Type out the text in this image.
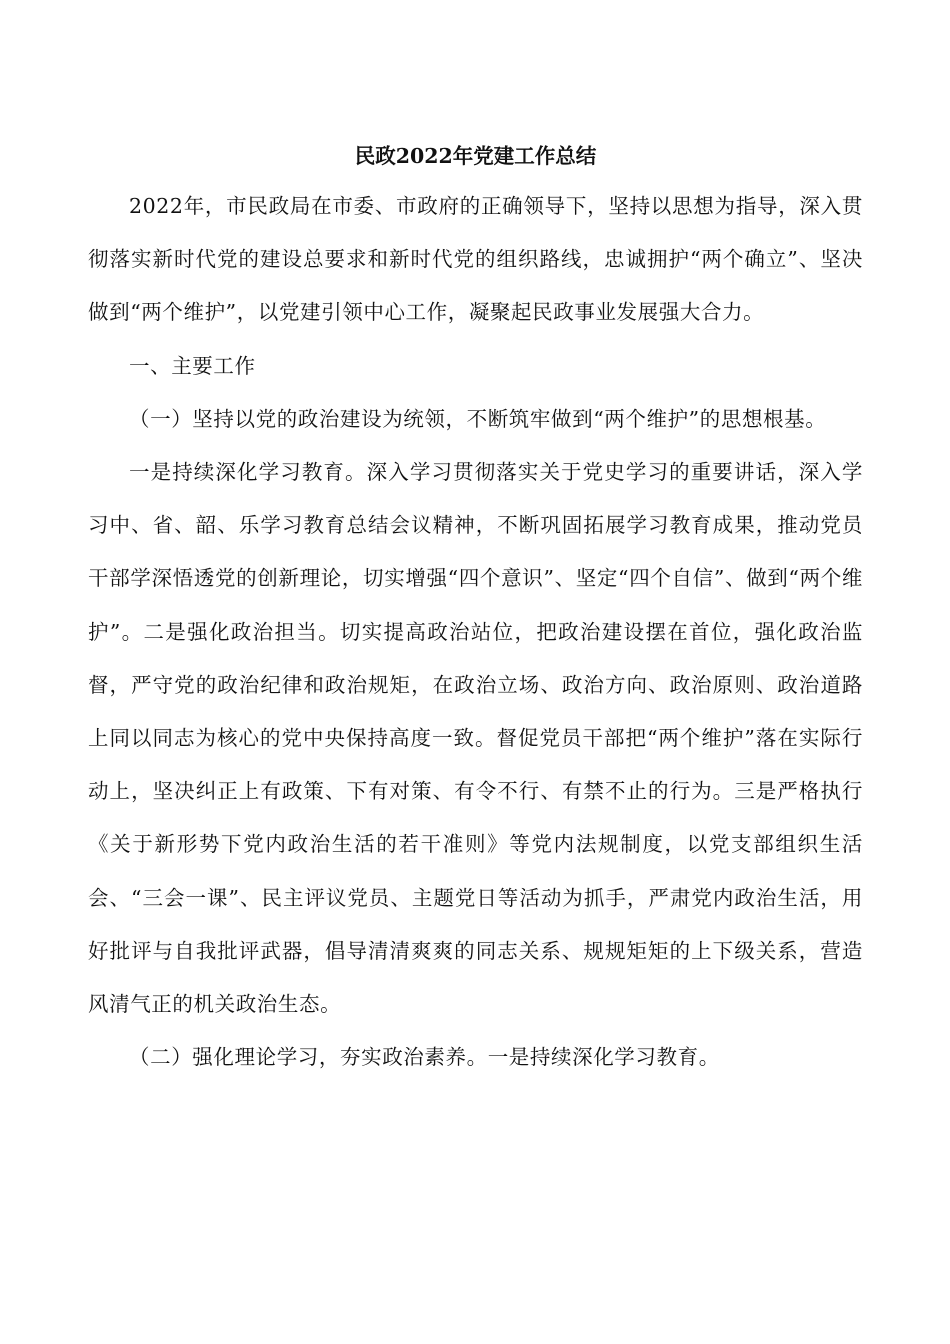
民政2022年党建工作总结

2022年，市民政局在市委、市政府的正确领导下，坚持以思想为指导，深入贯彻落实新时代党的建设总要求和新时代党的组织路线，忠诚拥护“两个确立”、坚决做到“两个维护”，以党建引领中心工作，凝聚起民政事业发展强大合力。

一、主要工作

（一）坚持以党的政治建设为统领，不断筑牢做到“两个维护”的思想根基。

一是持续深化学习教育。深入学习贯彻落实关于党史学习的重要讲话，深入学习中、省、韶、乐学习教育总结会议精神，不断巩固拓展学习教育成果，推动党员干部学深悟透党的创新理论，切实增强“四个意识”、坚定“四个自信”、做到“两个维护”。二是强化政治担当。切实提高政治站位，把政治建设摆在首位，强化政治监督，严守党的政治纪律和政治规矩，在政治立场、政治方向、政治原则、政治道路上同以同志为核心的党中央保持高度一致。督促党员干部把“两个维护”落在实际行动上，坚决纠正上有政策、下有对策、有令不行、有禁不止的行为。三是严格执行《关于新形势下党内政治生活的若干准则》等党内法规制度，以党支部组织生活会、“三会一课”、民主评议党员、主题党日等活动为抓手，严肃党内政治生活，用好批评与自我批评武器，倡导清清爽爽的同志关系、规规矩矩的上下级关系，营造风清气正的机关政治生态。

（二）强化理论学习，夯实政治素养。一是持续深化学习教育。
